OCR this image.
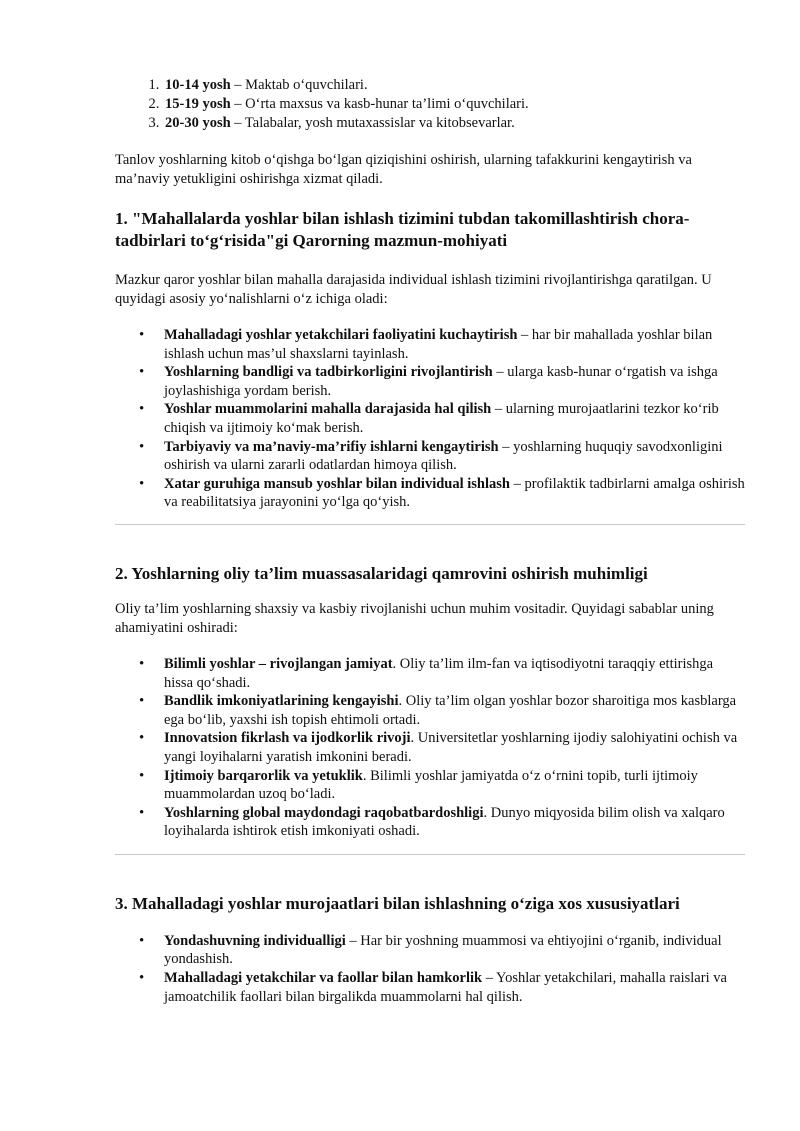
1. 10-14 yosh – Maktab o‘quvchilari.
2. 15-19 yosh – O‘rta maxsus va kasb-hunar ta’limi o‘quvchilari.
3. 20-30 yosh – Talabalar, yosh mutaxassislar va kitobsevarlar.

Tanlov yoshlarning kitob o‘qishga bo‘lgan qiziqishini oshirish, ularning tafakkurini kengaytirish va ma’naviy yetukligini oshirishga xizmat qiladi.

1. "Mahallalarda yoshlar bilan ishlash tizimini tubdan takomillashtirish chora-tadbirlari to‘g‘risida"gi Qarorning mazmun-mohiyati

Mazkur qaror yoshlar bilan mahalla darajasida individual ishlash tizimini rivojlantirishga qaratilgan. U quyidagi asosiy yo‘nalishlarni o‘z ichiga oladi:

• Mahalladagi yoshlar yetakchilari faoliyatini kuchaytirish – har bir mahallada yoshlar bilan ishlash uchun mas’ul shaxslarni tayinlash.
• Yoshlarning bandligi va tadbirkorligini rivojlantirish – ularga kasb-hunar o‘rgatish va ishga joylashishiga yordam berish.
• Yoshlar muammolarini mahalla darajasida hal qilish – ularning murojaatlarini tezkor ko‘rib chiqish va ijtimoiy ko‘mak berish.
• Tarbiyaviy va ma’naviy-ma’rifiy ishlarni kengaytirish – yoshlarning huquqiy savodxonligini oshirish va ularni zararli odatlardan himoya qilish.
• Xatar guruhiga mansub yoshlar bilan individual ishlash – profilaktik tadbirlarni amalga oshirish va reabilitatsiya jarayonini yo‘lga qo‘yish.
2. Yoshlarning oliy ta’lim muassasalaridagi qamrovini oshirish muhimligi

Oliy ta’lim yoshlarning shaxsiy va kasbiy rivojlanishi uchun muhim vositadir. Quyidagi sabablar uning ahamiyatini oshiradi:

• Bilimli yoshlar – rivojlangan jamiyat. Oliy ta’lim ilm-fan va iqtisodiyotni taraqqiy ettirishga hissa qo‘shadi.
• Bandlik imkoniyatlarining kengayishi. Oliy ta’lim olgan yoshlar bozor sharoitiga mos kasblarga ega bo‘lib, yaxshi ish topish ehtimoli ortadi.
• Innovatsion fikrlash va ijodkorlik rivoji. Universitetlar yoshlarning ijodiy salohiyatini ochish va yangi loyihalarni yaratish imkonini beradi.
• Ijtimoiy barqarorlik va yetuklik. Bilimli yoshlar jamiyatda o‘z o‘rnini topib, turli ijtimoiy muammolardan uzoq bo‘ladi.
• Yoshlarning global maydondagi raqobatbardoshligi. Dunyo miqyosida bilim olish va xalqaro loyihalarda ishtirok etish imkoniyati oshadi.
3. Mahalladagi yoshlar murojaatlari bilan ishlashning o‘ziga xos xususiyatlari
• Yondashuvning individualligi – Har bir yoshning muammosi va ehtiyojini o‘rganib, individual yondashish.
• Mahalladagi yetakchilar va faollar bilan hamkorlik – Yoshlar yetakchilari, mahalla raislari va jamoatchilik faollari bilan birgalikda muammolarni hal qilish.
